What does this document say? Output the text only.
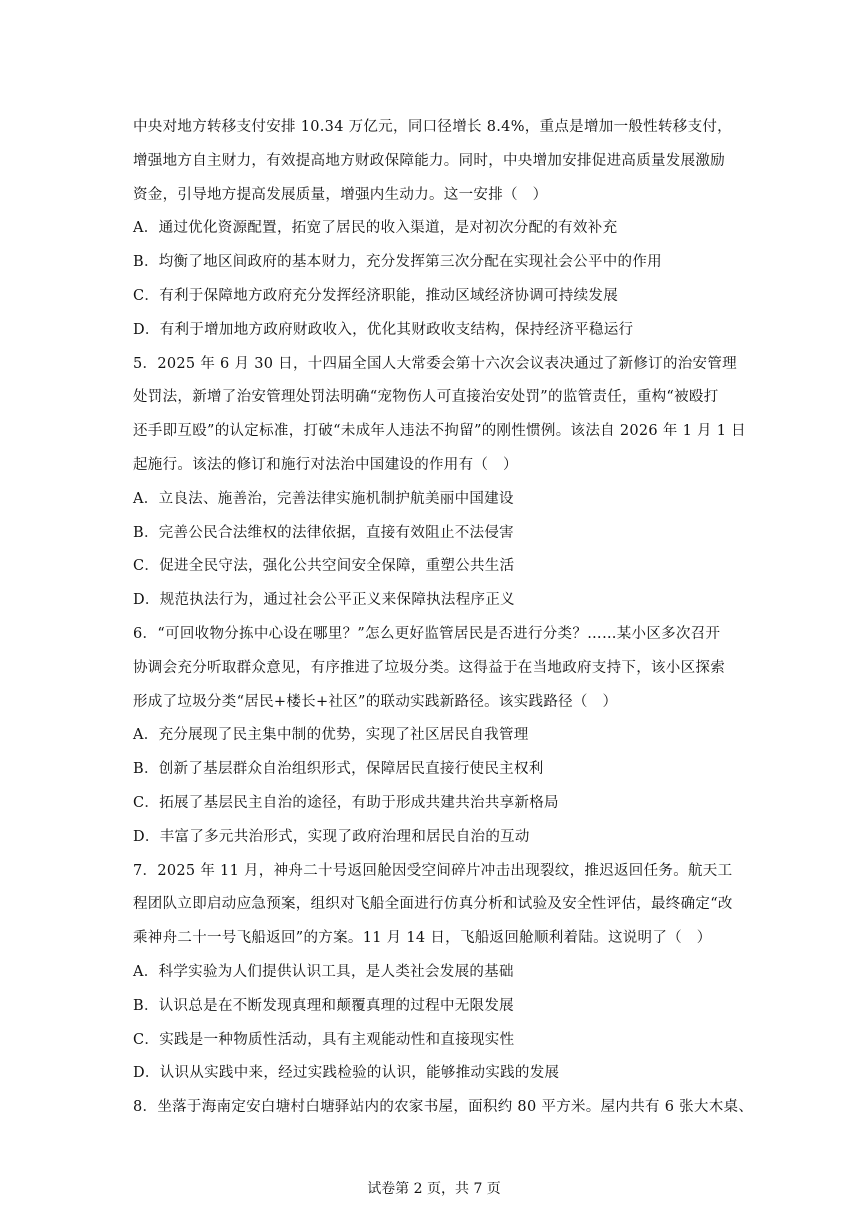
中央对地方转移支付安排 10.34 万亿元，同口径增长 8.4%，重点是增加一般性转移支付，
增强地方自主财力，有效提高地方财政保障能力。同时，中央增加安排促进高质量发展激励
资金，引导地方提高发展质量，增强内生动力。这一安排（　）
A．通过优化资源配置，拓宽了居民的收入渠道，是对初次分配的有效补充
B．均衡了地区间政府的基本财力，充分发挥第三次分配在实现社会公平中的作用
C．有利于保障地方政府充分发挥经济职能，推动区域经济协调可持续发展
D．有利于增加地方政府财政收入，优化其财政收支结构，保持经济平稳运行
5．2025 年 6 月 30 日，十四届全国人大常委会第十六次会议表决通过了新修订的治安管理
处罚法，新增了治安管理处罚法明确“宠物伤人可直接治安处罚”的监管责任，重构“被殴打
还手即互殴”的认定标准，打破“未成年人违法不拘留”的刚性惯例。该法自 2026 年 1 月 1 日
起施行。该法的修订和施行对法治中国建设的作用有（　）
A．立良法、施善治，完善法律实施机制护航美丽中国建设
B．完善公民合法维权的法律依据，直接有效阻止不法侵害
C．促进全民守法，强化公共空间安全保障，重塑公共生活
D．规范执法行为，通过社会公平正义来保障执法程序正义
6．“可回收物分拣中心设在哪里？”怎么更好监管居民是否进行分类？……某小区多次召开
协调会充分听取群众意见，有序推进了垃圾分类。这得益于在当地政府支持下，该小区探索
形成了垃圾分类“居民+楼长+社区”的联动实践新路径。该实践路径（　）
A．充分展现了民主集中制的优势，实现了社区居民自我管理
B．创新了基层群众自治组织形式，保障居民直接行使民主权利
C．拓展了基层民主自治的途径，有助于形成共建共治共享新格局
D．丰富了多元共治形式，实现了政府治理和居民自治的互动
7．2025 年 11 月，神舟二十号返回舱因受空间碎片冲击出现裂纹，推迟返回任务。航天工
程团队立即启动应急预案，组织对飞船全面进行仿真分析和试验及安全性评估，最终确定“改
乘神舟二十一号飞船返回”的方案。11 月 14 日，飞船返回舱顺利着陆。这说明了（　）
A．科学实验为人们提供认识工具，是人类社会发展的基础
B．认识总是在不断发现真理和颠覆真理的过程中无限发展
C．实践是一种物质性活动，具有主观能动性和直接现实性
D．认识从实践中来，经过实践检验的认识，能够推动实践的发展
8．坐落于海南定安白塘村白塘驿站内的农家书屋，面积约 80 平方米。屋内共有 6 张大木桌、
试卷第 2 页，共 7 页
